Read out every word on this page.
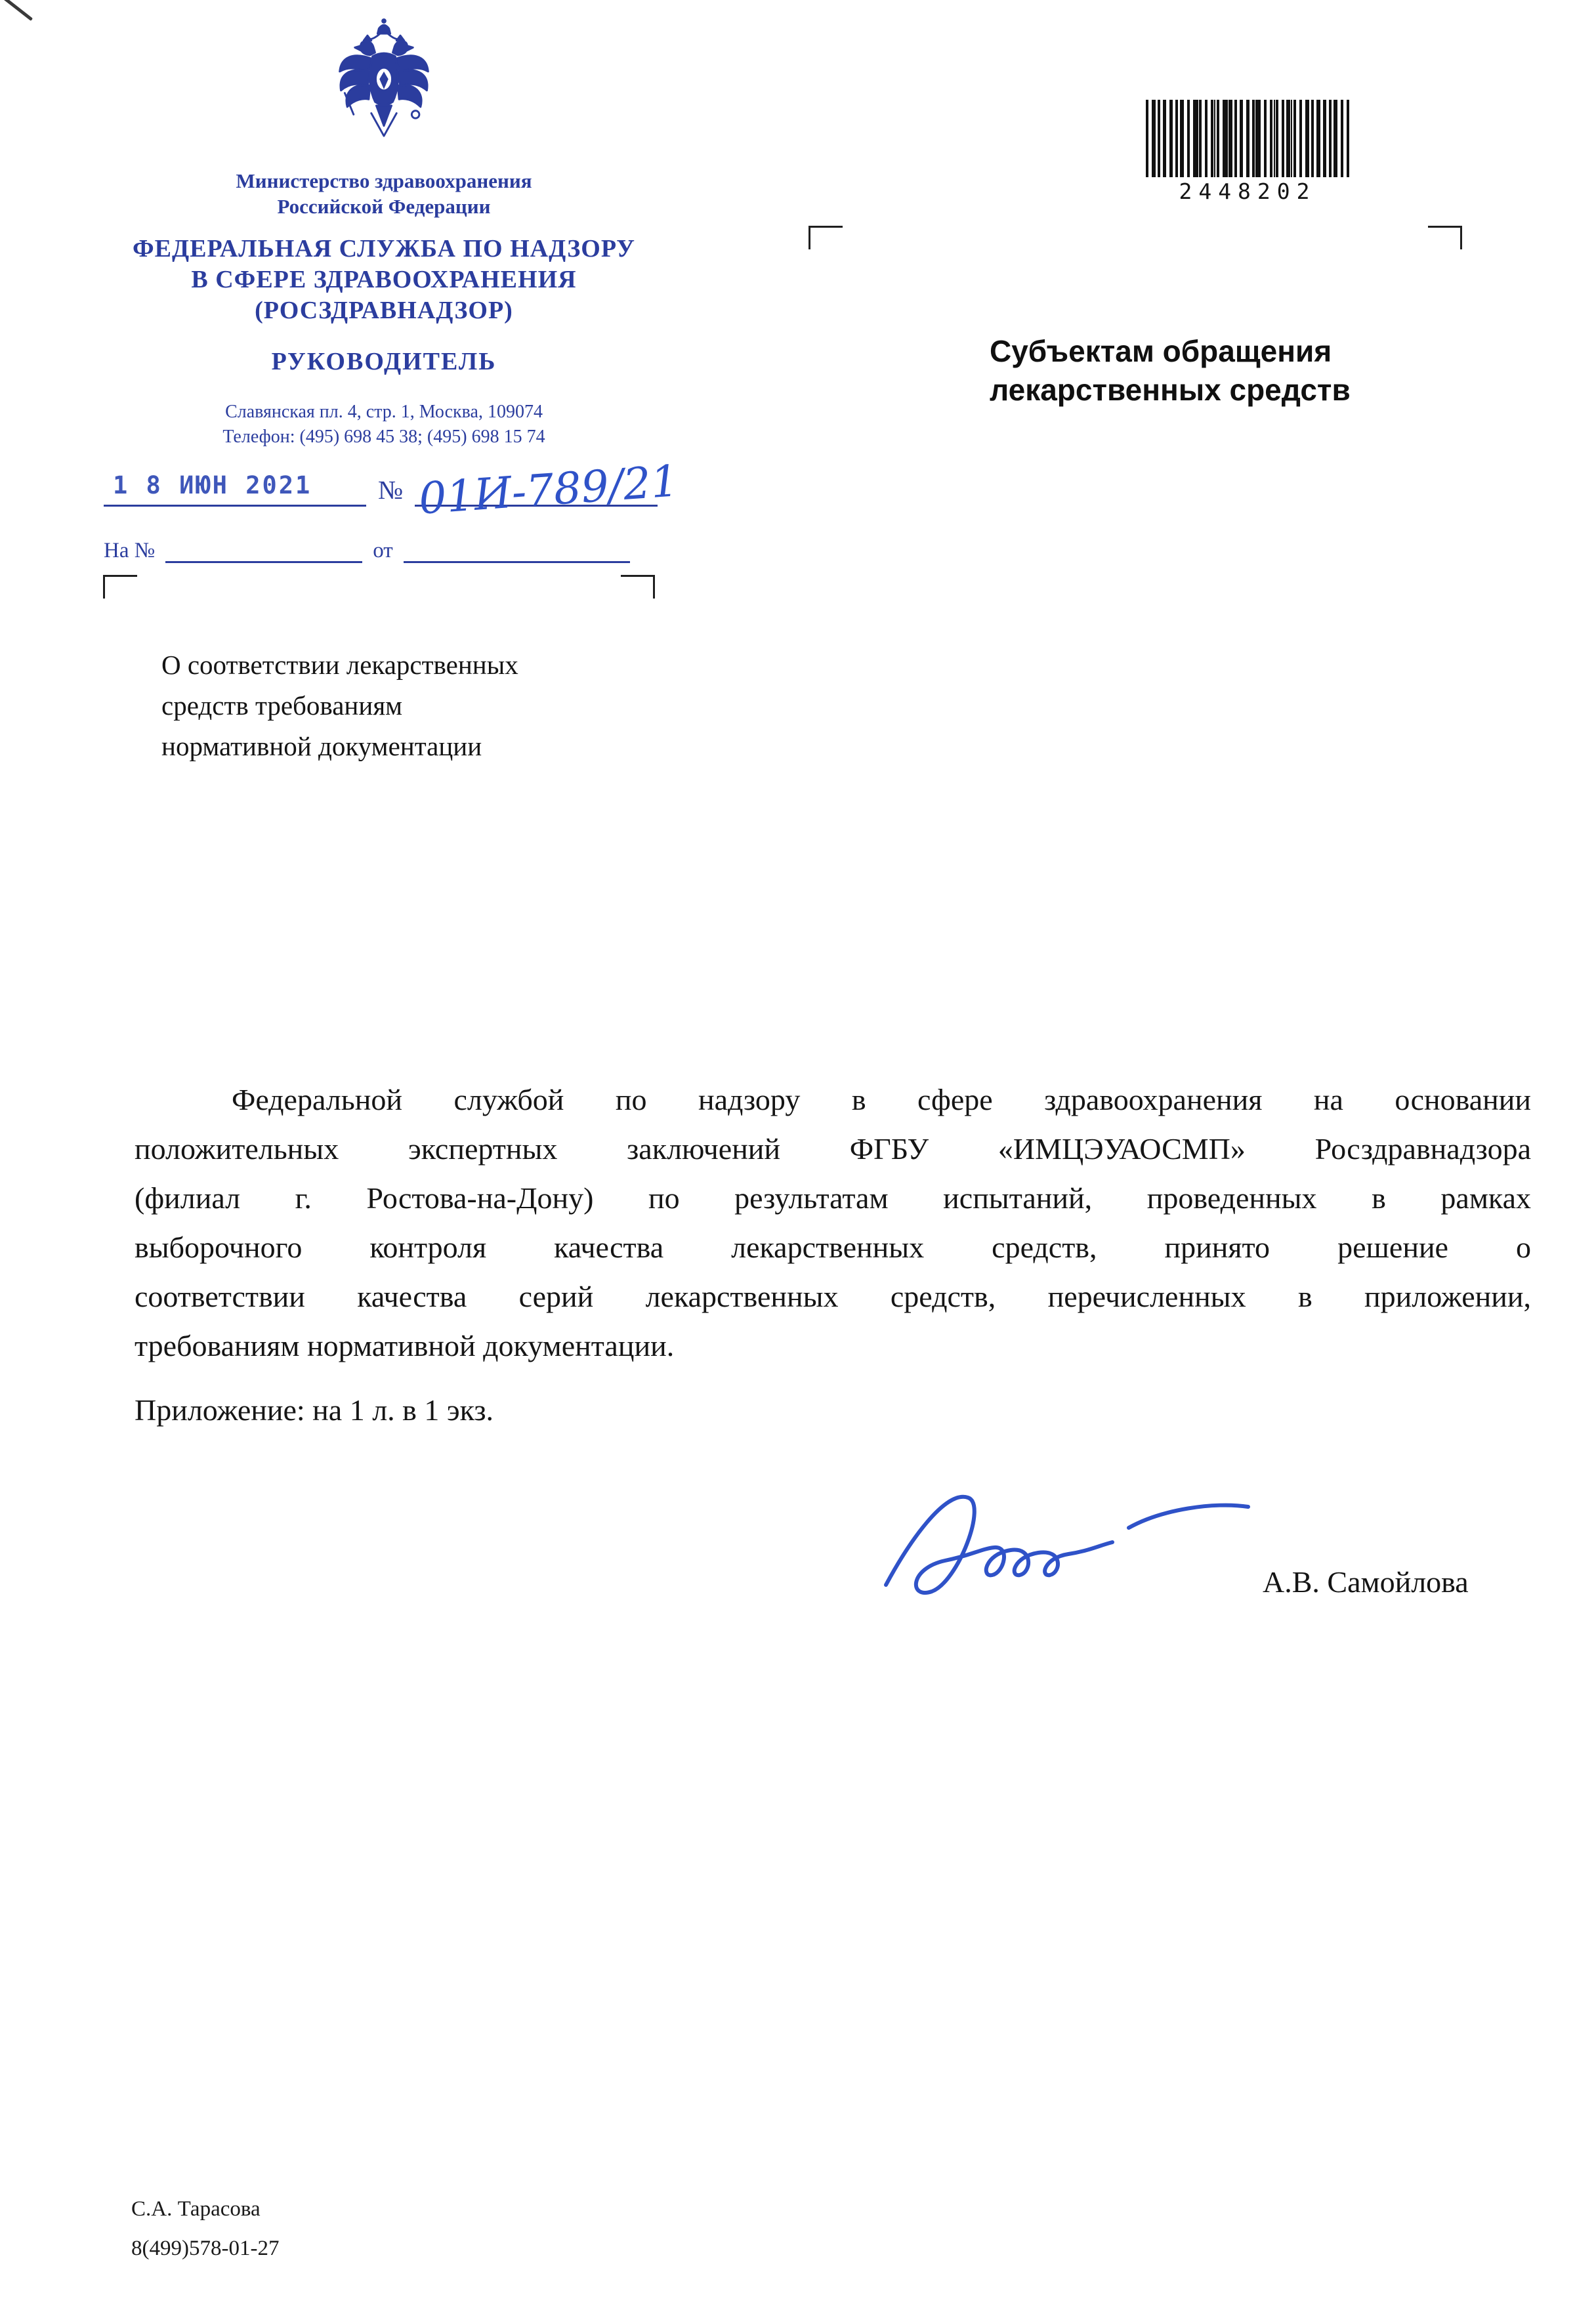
Министерство здравоохранения
Российской Федерации
ФЕДЕРАЛЬНАЯ СЛУЖБА ПО НАДЗОРУ
В СФЕРЕ ЗДРАВООХРАНЕНИЯ
(РОСЗДРАВНАДЗОР)
РУКОВОДИТЕЛЬ
Славянская пл. 4, стр. 1, Москва, 109074
Телефон: (495) 698 45 38; (495) 698 15 74
1 8 ИЮН 2021	№ 01И-789/21
На №	от
2448202
Субъектам обращения
лекарственных средств
О соответствии лекарственных
средств требованиям
нормативной документации
Федеральной службой по надзору в сфере здравоохранения на основании
положительных экспертных заключений ФГБУ «ИМЦЭУАОСМП» Росздравнадзора
(филиал г. Ростова-на-Дону) по результатам испытаний, проведенных в рамках
выборочного контроля качества лекарственных средств, принято решение о
соответствии качества серий лекарственных средств, перечисленных в приложении,
требованиям нормативной документации.
Приложение: на 1 л. в 1 экз.
А.В. Самойлова
С.А. Тарасова
8(499)578-01-27
